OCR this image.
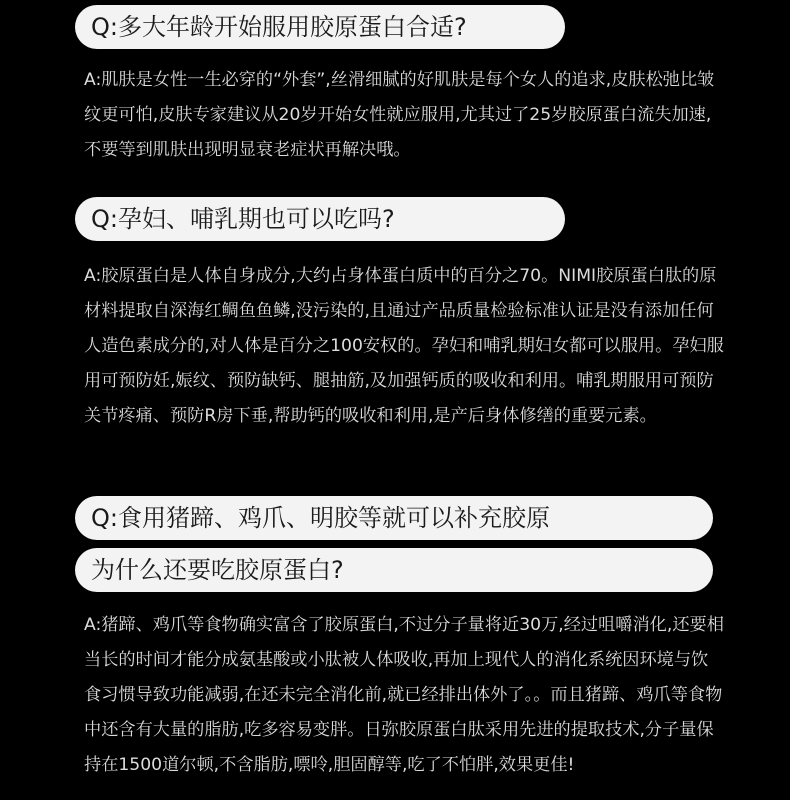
Q:多大年龄开始服用胶原蛋白合适?

A:肌肤是女性一生必穿的“外套”,丝滑细腻的好肌肤是每个女人的追求,皮肤松弛比皱纹更可怕,皮肤专家建议从20岁开始女性就应服用,尤其过了25岁胶原蛋白流失加速,不要等到肌肤出现明显衰老症状再解决哦。

Q:孕妇、哺乳期也可以吃吗?

A:胶原蛋白是人体自身成分,大约占身体蛋白质中的百分之70。NIMI胶原蛋白肽的原材料提取自深海红鲷鱼鱼鳞,没污染的,且通过产品质量检验标准认证是没有添加任何人造色素成分的,对人体是百分之100安权的。孕妇和哺乳期妇女都可以服用。孕妇服用可预防妊,娠纹、预防缺钙、腿抽筋,及加强钙质的吸收和利用。哺乳期服用可预防关节疼痛、预防R房下垂,帮助钙的吸收和利用,是产后身体修缮的重要元素。

Q:食用猪蹄、鸡爪、明胶等就可以补充胶原
为什么还要吃胶原蛋白?

A:猪蹄、鸡爪等食物确实富含了胶原蛋白,不过分子量将近30万,经过咀嚼消化,还要相当长的时间才能分成氨基酸或小肽被人体吸收,再加上现代人的消化系统因环境与饮食习惯导致功能减弱,在还未完全消化前,就已经排出体外了。。而且猪蹄、鸡爪等食物中还含有大量的脂肪,吃多容易变胖。日弥胶原蛋白肽采用先进的提取技术,分子量保持在1500道尔顿,不含脂肪,嘌呤,胆固醇等,吃了不怕胖,效果更佳!
